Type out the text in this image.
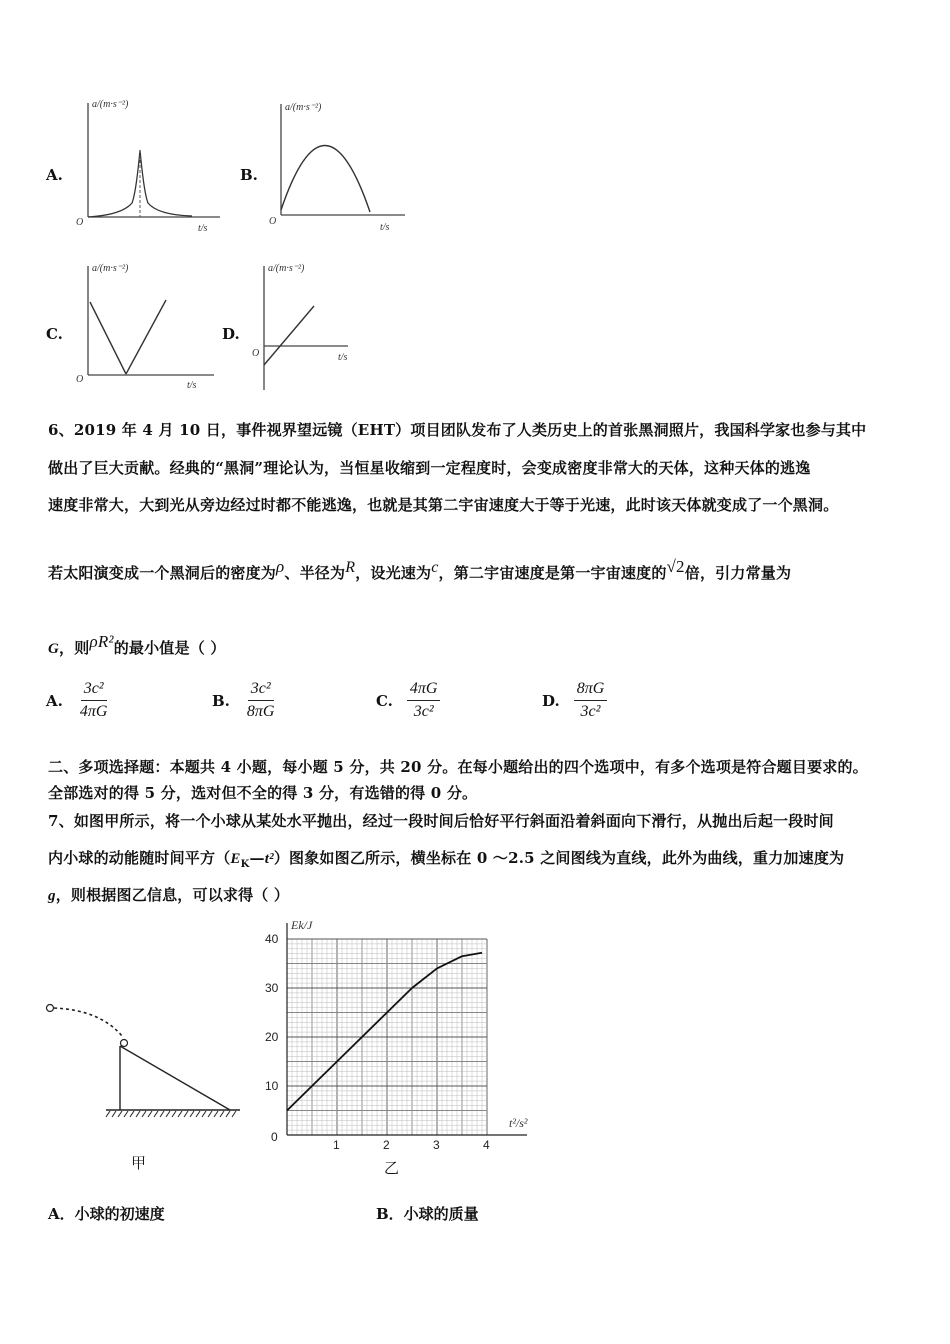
A.
a/(m·s⁻²)
t/s
O
B.
a/(m·s⁻²)
t/s
O
C.
a/(m·s⁻²)
t/s
O
D.
a/(m·s⁻²)
t/s
O
6、2019 年 4 月 10 日，事件视界望远镜（EHT）项目团队发布了人类历史上的首张黑洞照片，我国科学家也参与其中
做出了巨大贡献。经典的“黑洞”理论认为，当恒星收缩到一定程度时，会变成密度非常大的天体，这种天体的逃逸
速度非常大，大到光从旁边经过时都不能逃逸，也就是其第二宇宙速度大于等于光速，此时该天体就变成了一个黑洞。
若太阳演变成一个黑洞后的密度为$^\rho$、半径为$^R$，设光速为$^c$，第二宇宙速度是第一宇宙速度的$^{√2}$倍，引力常量为
G，则$^{\rho R^2}$的最小值是（ ）
A. $\frac{\text{3c²}}{4\pi G}$	B. $\frac{\text{3c²}}{8\pi G}$	C. $\frac{4\pi G}{\text{3c²}}$	D. $\frac{8\pi G}{\text{3c²}}$
二、多项选择题：本题共 4 小题，每小题 5 分，共 20 分。在每小题给出的四个选项中，有多个选项是符合题目要求的。
全部选对的得 5 分，选对但不全的得 3 分，有选错的得 0 分。
7、如图甲所示，将一个小球从某处水平抛出，经过一段时间后恰好平行斜面沿着斜面向下滑行，从抛出后起一段时间
内小球的动能随时间平方$(E_K—t^2)$图象如图乙所示，横坐标在 0 ～2.5 之间图线为直线，此外为曲线，重力加速度为
g，则根据图乙信息，可以求得（ ）
甲
1	2	3	4
10
20
30
40
Ek/J
t²/s²
0
乙
A．小球的初速度	B．小球的质量
